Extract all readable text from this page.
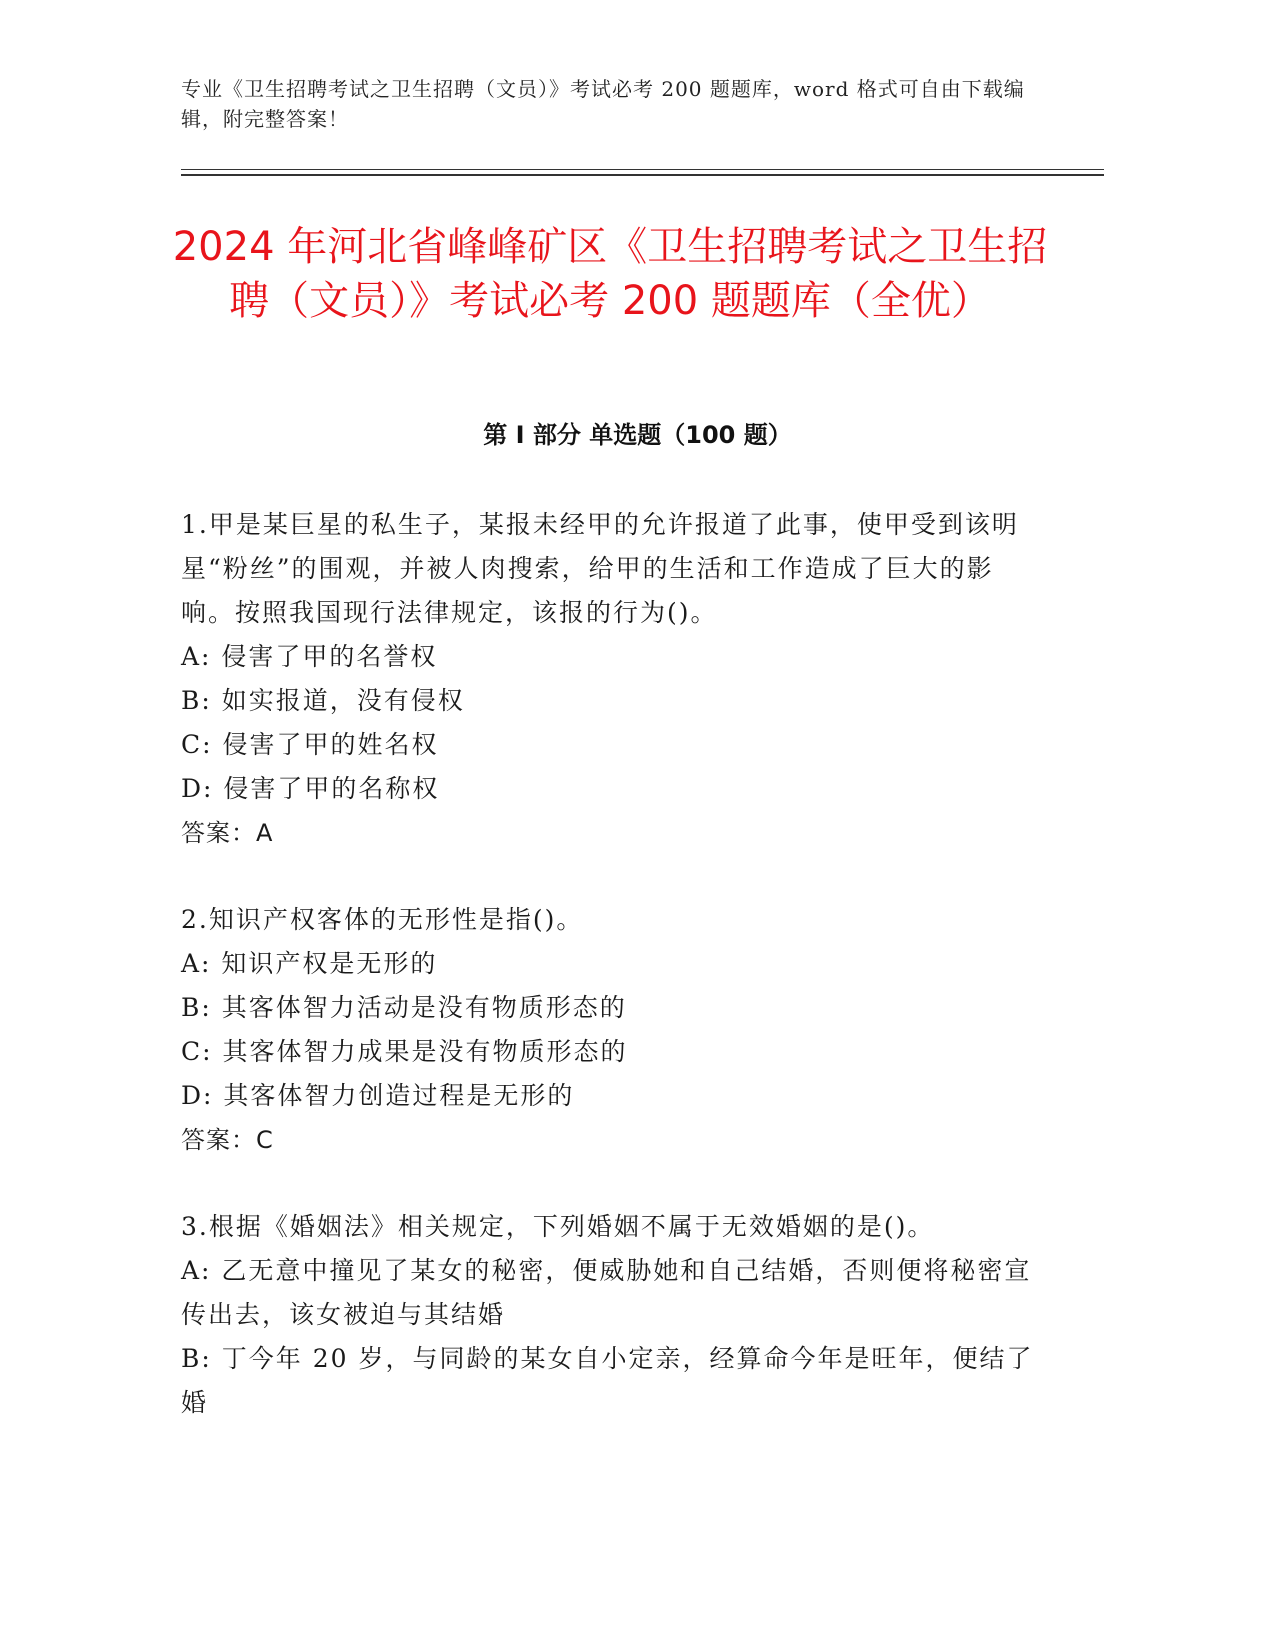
专业《卫生招聘考试之卫生招聘（文员）》考试必考 200 题题库，word 格式可自由下载编辑，附完整答案！
2024 年河北省峰峰矿区《卫生招聘考试之卫生招聘（文员）》考试必考 200 题题库（全优）
第 I 部分 单选题（100 题）

1.甲是某巨星的私生子，某报未经甲的允许报道了此事，使甲受到该明星“粉丝”的围观，并被人肉搜索，给甲的生活和工作造成了巨大的影响。按照我国现行法律规定，该报的行为()。

A: 侵害了甲的名誉权

B: 如实报道，没有侵权

C: 侵害了甲的姓名权

D: 侵害了甲的名称权

答案：A

2.知识产权客体的无形性是指()。

A: 知识产权是无形的

B: 其客体智力活动是没有物质形态的

C: 其客体智力成果是没有物质形态的

D: 其客体智力创造过程是无形的

答案：C

3.根据《婚姻法》相关规定，下列婚姻不属于无效婚姻的是()。

A: 乙无意中撞见了某女的秘密，便威胁她和自己结婚，否则便将秘密宣传出去，该女被迫与其结婚

B: 丁今年 20 岁，与同龄的某女自小定亲，经算命今年是旺年，便结了婚
